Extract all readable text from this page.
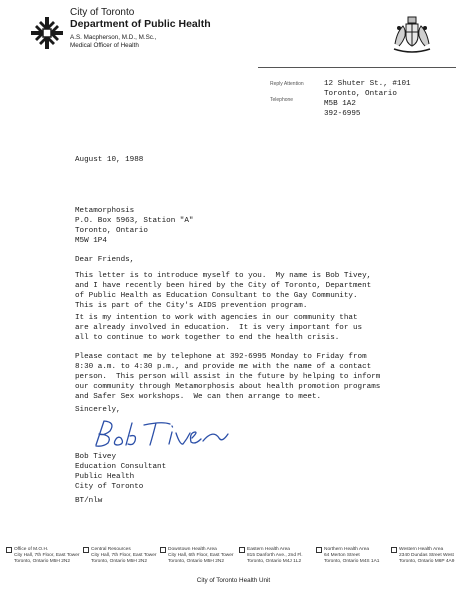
City of Toronto
Department of Public Health
A.S. Macpherson, M.D., M.Sc.,
Medical Officer of Health
Reply Attention
Telephone
12 Shuter St., #101
Toronto, Ontario
M5B 1A2
392-6995
August 10, 1988
Metamorphosis
P.O. Box 5963, Station "A"
Toronto, Ontario
M5W 1P4
Dear Friends,
This letter is to introduce myself to you.  My name is Bob Tivey,
and I have recently been hired by the City of Toronto, Department
of Public Health as Education Consultant to the Gay Community.
This is part of the City's AIDS prevention program.
It is my intention to work with agencies in our community that
are already involved in education.  It is very important for us
all to continue to work together to end the health crisis.
Please contact me by telephone at 392-6995 Monday to Friday from
8:30 a.m. to 4:30 p.m., and provide me with the name of a contact
person.  This person will assist in the future by helping to inform
our community through Metamorphosis about health promotion programs
and Safer Sex workshops.  We can then arrange to meet.
Sincerely,
Bob Tivey
Education Consultant
Public Health
City of Toronto
BT/nlw
Office of M.O.H.
City Hall, 7th Floor, East Tower
Toronto, Ontario M5H 2N2
Central Resources
City Hall, 7th Floor, East Tower
Toronto, Ontario M5H 2N2
Downtown Health Area
City Hall, 6th Floor, East Tower
Toronto, Ontario M5H 2N2
Eastern Health Area
815 Danforth Ave., 2nd Fl.
Toronto, Ontario M4J 1L2
Northern Health Area
64 Merton Street
Toronto, Ontario M4S 1A1
Western Health Area
2340 Dundas Street West
Toronto, Ontario M6P 4A9
City of Toronto Health Unit
